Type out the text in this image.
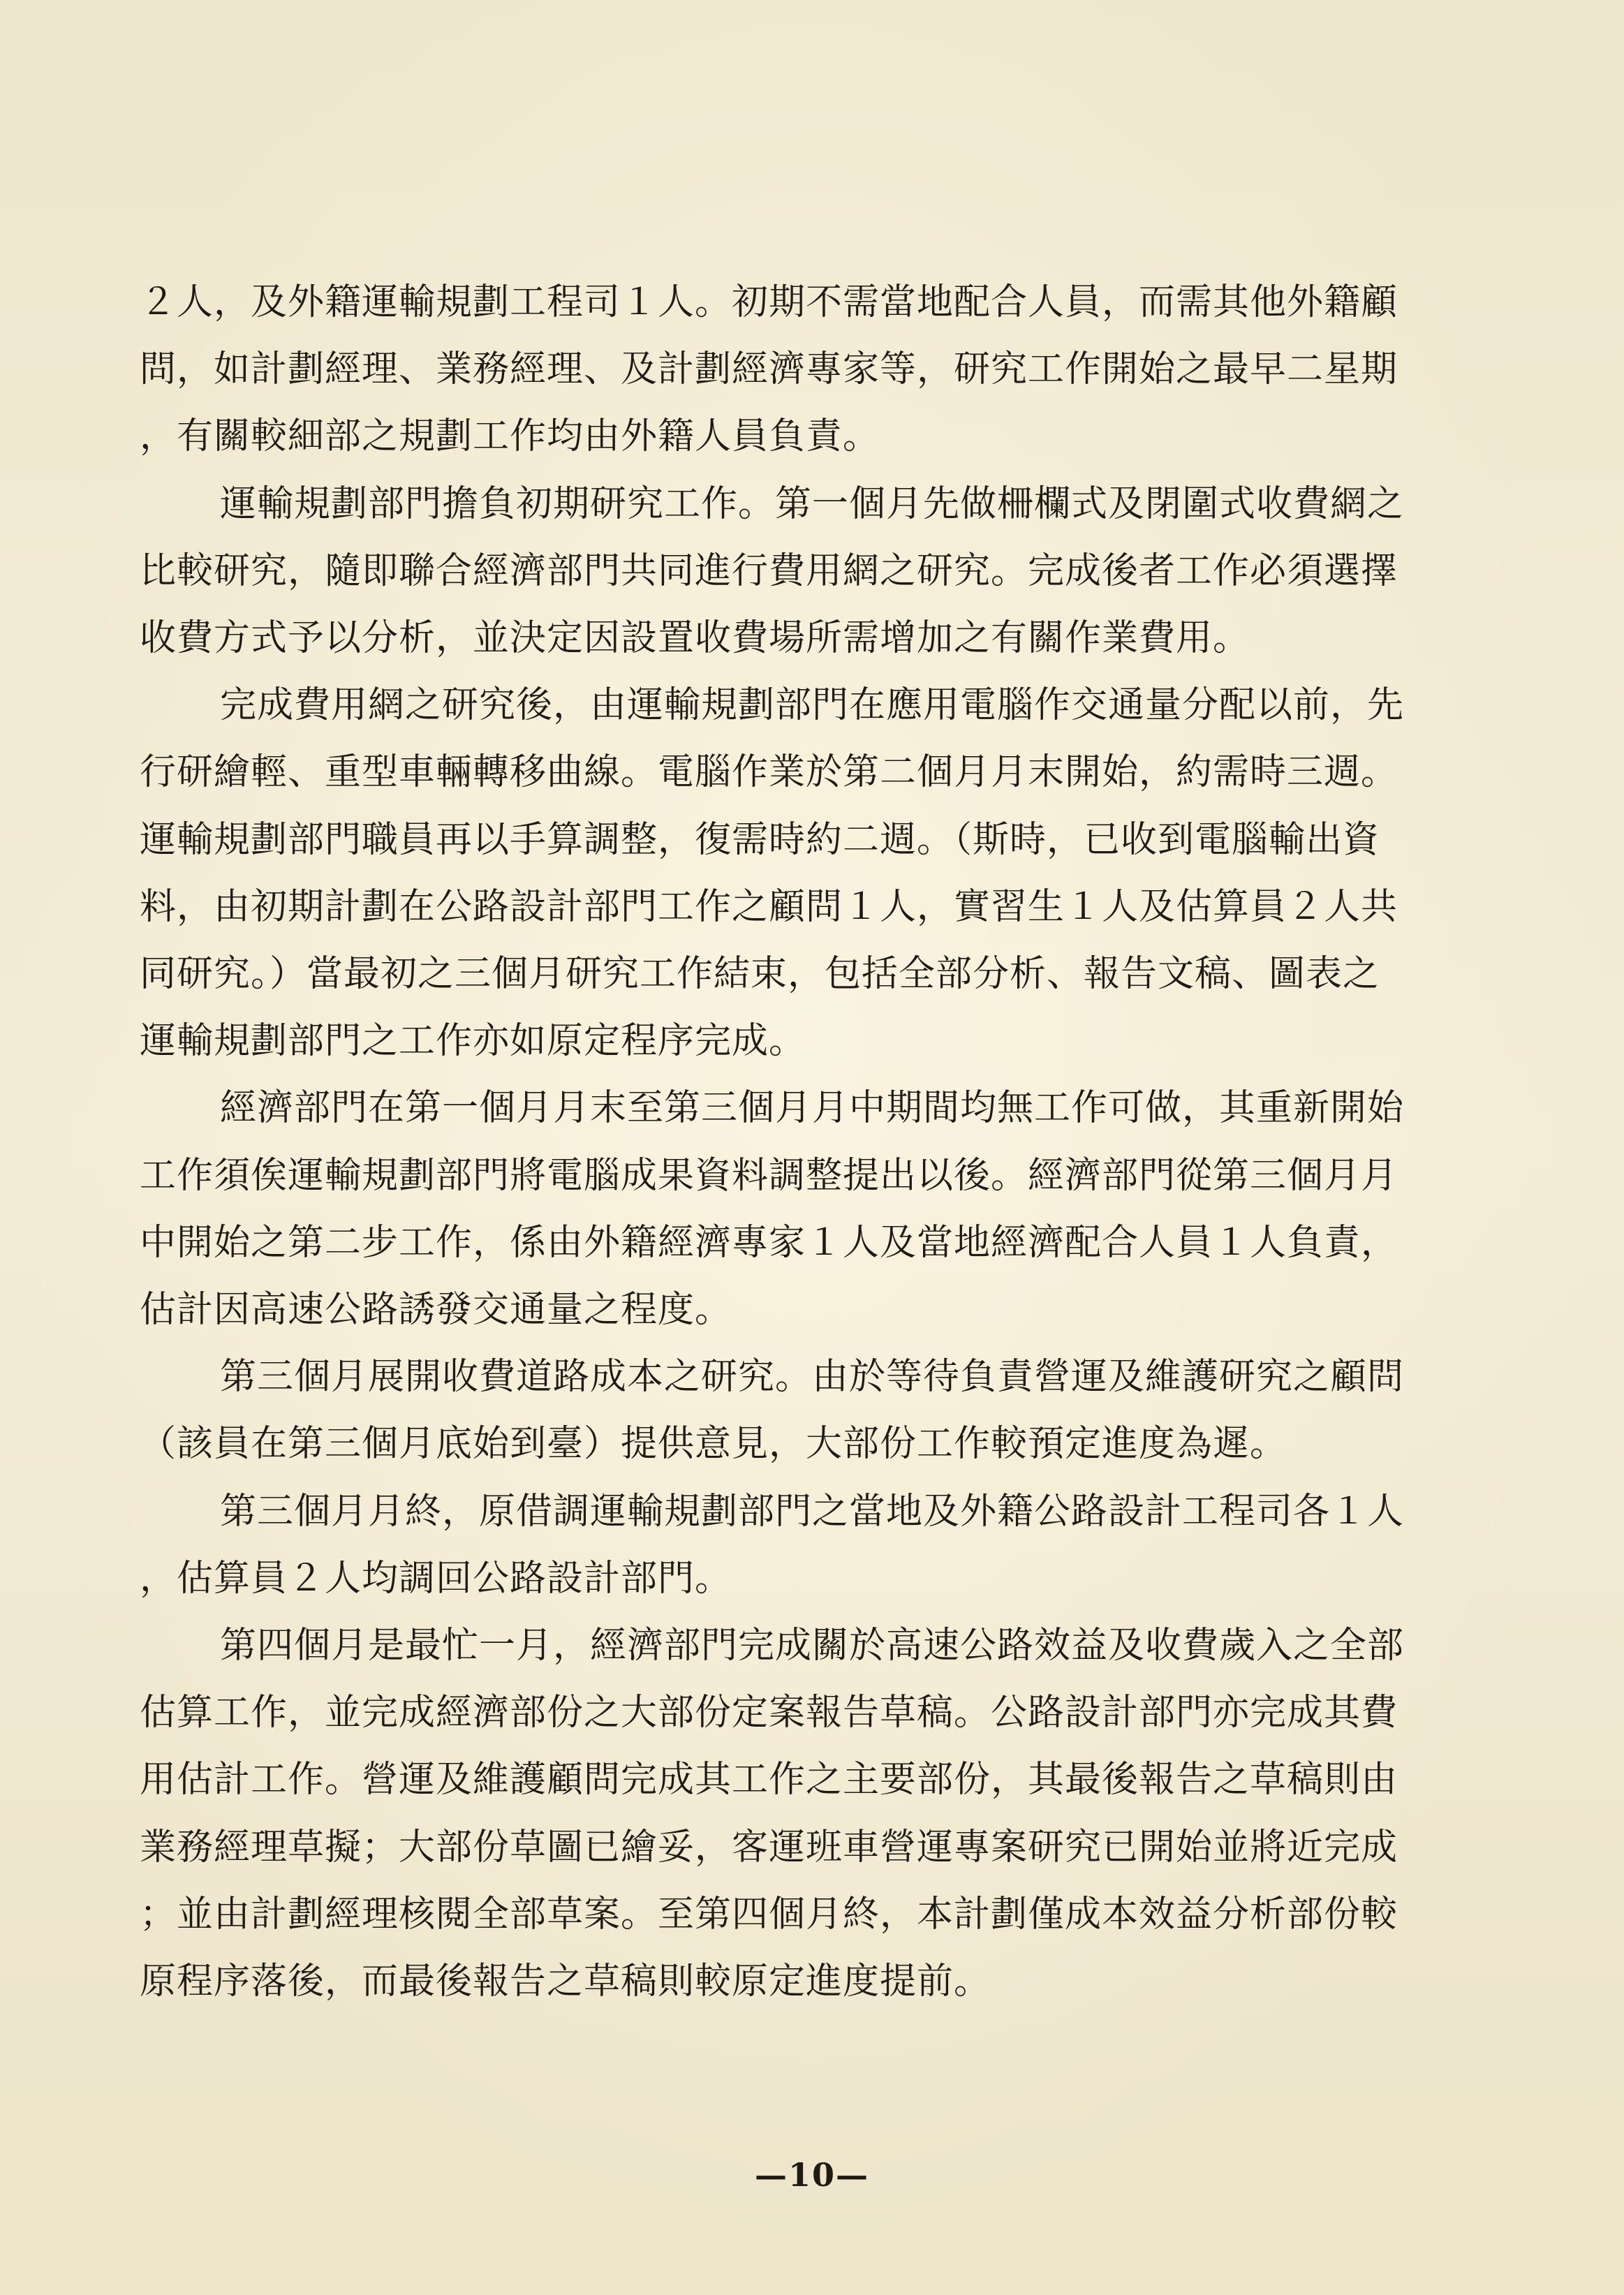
２人，及外籍運輸規劃工程司１人。初期不需當地配合人員，而需其他外籍顧
問，如計劃經理、業務經理、及計劃經濟專家等，研究工作開始之最早二星期
，有關較細部之規劃工作均由外籍人員負責。
運輸規劃部門擔負初期研究工作。第一個月先做柵欄式及閉圍式收費網之
比較研究，隨即聯合經濟部門共同進行費用網之研究。完成後者工作必須選擇
收費方式予以分析，並決定因設置收費場所需增加之有關作業費用。
完成費用網之研究後，由運輸規劃部門在應用電腦作交通量分配以前，先
行研繪輕、重型車輛轉移曲線。電腦作業於第二個月月末開始，約需時三週。
運輸規劃部門職員再以手算調整，復需時約二週。（斯時，已收到電腦輸出資
料，由初期計劃在公路設計部門工作之顧問１人，實習生１人及估算員２人共
同研究。）當最初之三個月研究工作結束，包括全部分析、報告文稿、圖表之
運輸規劃部門之工作亦如原定程序完成。
經濟部門在第一個月月末至第三個月月中期間均無工作可做，其重新開始
工作須俟運輸規劃部門將電腦成果資料調整提出以後。經濟部門從第三個月月
中開始之第二步工作，係由外籍經濟專家１人及當地經濟配合人員１人負責，
估計因高速公路誘發交通量之程度。
第三個月展開收費道路成本之研究。由於等待負責營運及維護研究之顧問
（該員在第三個月底始到臺）提供意見，大部份工作較預定進度為遲。
第三個月月終，原借調運輸規劃部門之當地及外籍公路設計工程司各１人
，估算員２人均調回公路設計部門。
第四個月是最忙一月，經濟部門完成關於高速公路效益及收費歲入之全部
估算工作，並完成經濟部份之大部份定案報告草稿。公路設計部門亦完成其費
用估計工作。營運及維護顧問完成其工作之主要部份，其最後報告之草稿則由
業務經理草擬；大部份草圖已繪妥，客運班車營運專案研究已開始並將近完成
；並由計劃經理核閱全部草案。至第四個月終，本計劃僅成本效益分析部份較
原程序落後，而最後報告之草稿則較原定進度提前。
—10—
